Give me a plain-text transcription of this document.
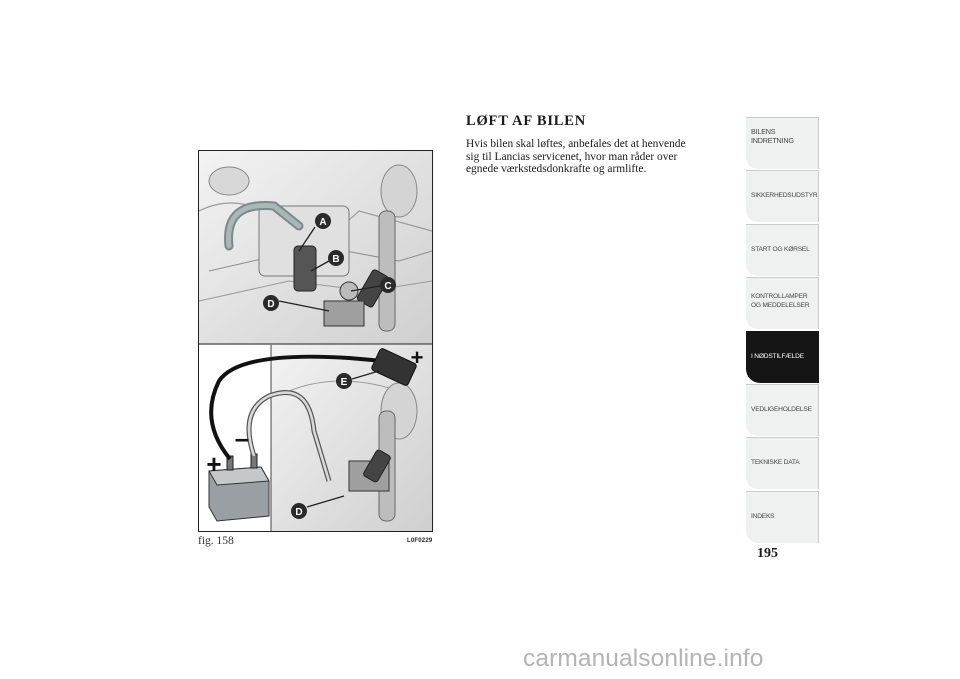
A
B
C
D
E
D
+
+
–
fig. 158	L0F0229
LØFT AF BILEN

Hvis bilen skal løftes, anbefales det at henvende
sig til Lancias servicenet, hvor man råder over
egnede værkstedsdonkrafte og armlifte.

BILENS
INDRETNING
SIKKERHEDSUDSTYR
START OG KØRSEL
KONTROLLAMPER
OG MEDDELELSER
I NØDSTILFÆLDE
VEDLIGEHOLDELSE
TEKNISKE DATA
INDEKS
195
carmanualsonline.info
